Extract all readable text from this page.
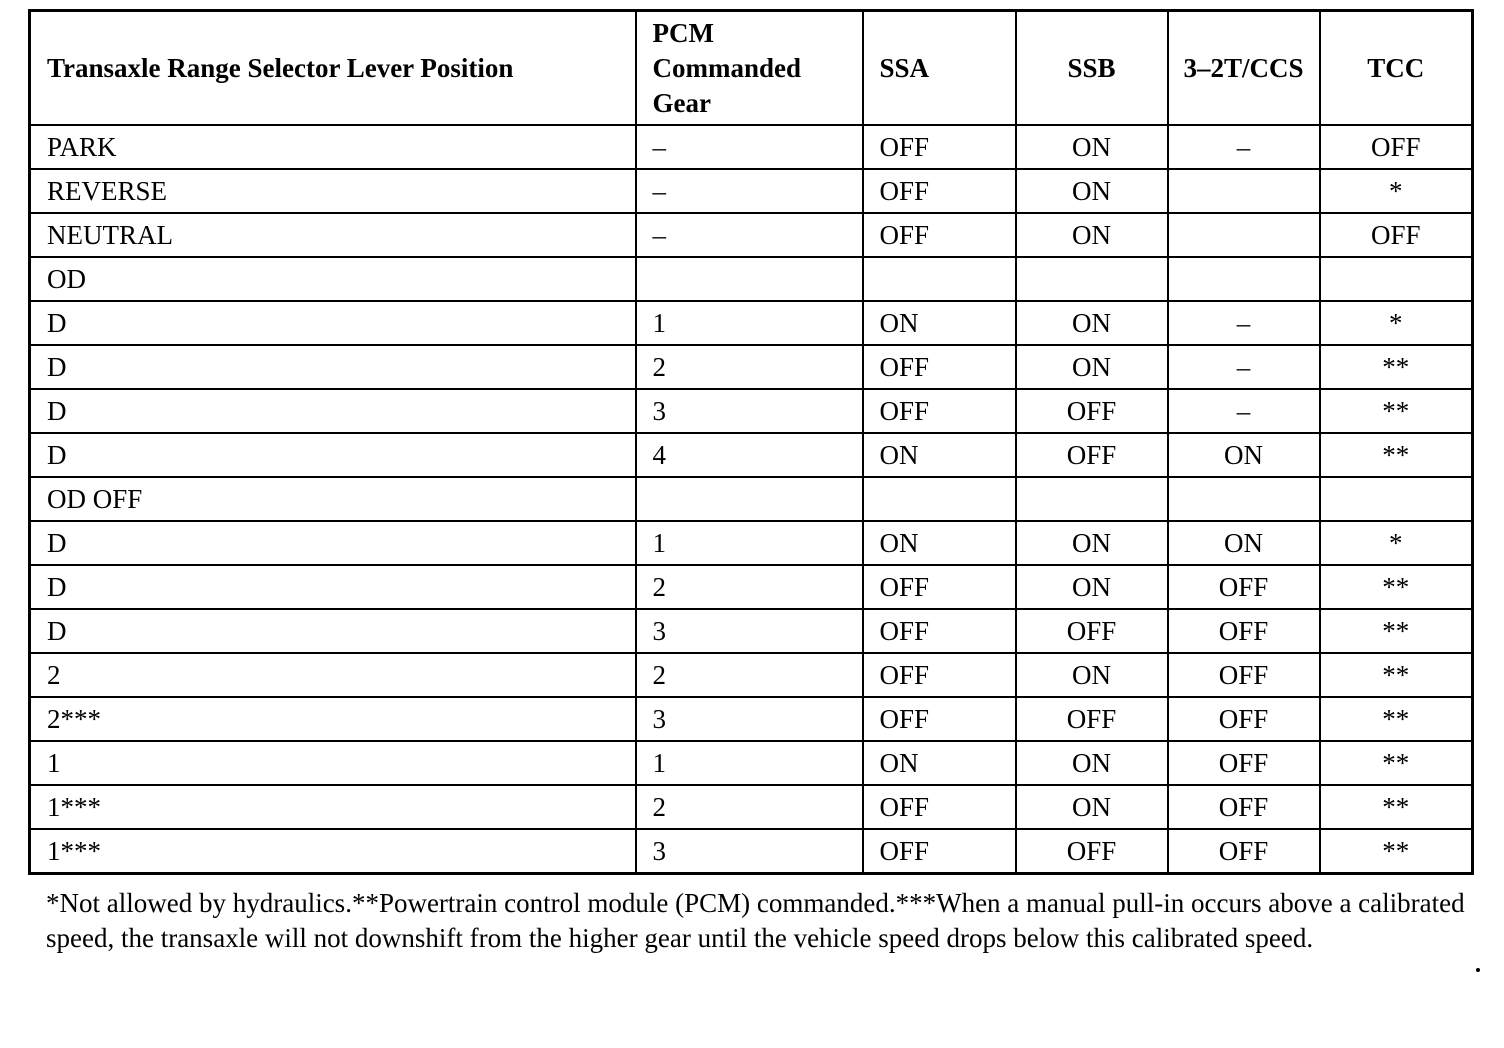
Transaxle Range Selector Lever Position	PCM Commanded Gear	SSA	SSB	3–2T/CCS	TCC
PARK	–	OFF	ON	–	OFF
REVERSE	–	OFF	ON		*
NEUTRAL	–	OFF	ON		OFF
OD					
D	1	ON	ON	–	*
D	2	OFF	ON	–	**
D	3	OFF	OFF	–	**
D	4	ON	OFF	ON	**
OD OFF					
D	1	ON	ON	ON	*
D	2	OFF	ON	OFF	**
D	3	OFF	OFF	OFF	**
2	2	OFF	ON	OFF	**
2***	3	OFF	OFF	OFF	**
1	1	ON	ON	OFF	**
1***	2	OFF	ON	OFF	**
1***	3	OFF	OFF	OFF	**

*Not allowed by hydraulics.**Powertrain control module (PCM) commanded.***When a manual pull-in occurs above a calibrated speed, the transaxle will not downshift from the higher gear until the vehicle speed drops below this calibrated speed.
